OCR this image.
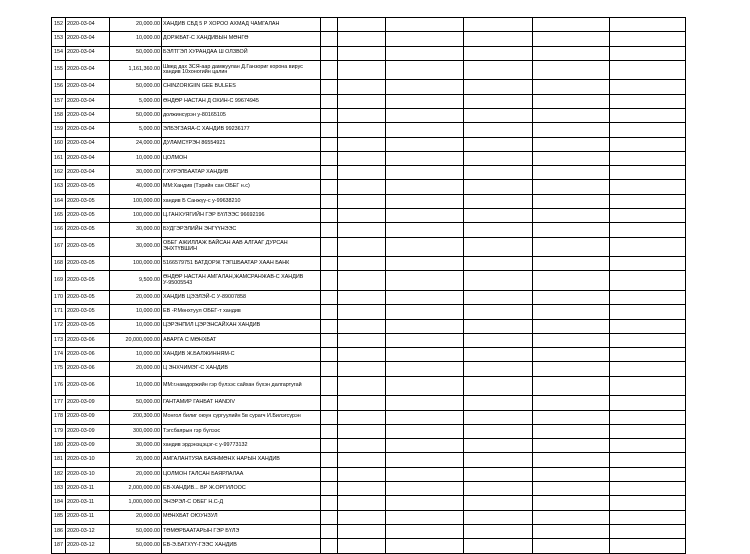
152	2020-03-04	20,000.00	ХАНДИВ СБД 5 Р ХОРОО АХМАД ЧАМГАЛАН						
153	2020-03-04	10,000.00	ДОРЖБАТ-С ХАНДИВЫН МӨНГӨ						
154	2020-03-04	50,000.00	БЭЛТГЭЛ ХУРАНДАА Ш ОЛЗВОЙ						
155	2020-03-04	1,161,360.00	Швед дах ЗСЯ-аар дамжуулан Д.Ганзориг корона вирус хандив 10хоногийн цалин						
156	2020-03-04	50,000.00	CHINZORIGIIN GEE BULEES						
157	2020-03-04	5,000.00	ӨНДӨР НАСТАН Д ОХИН-С 99674945						
158	2020-03-04	50,000.00	должинсүрэн у-80165105						
159	2020-03-04	5,000.00	ЭЛБЭГЗАЯА-С ХАНДИВ 99236177						
160	2020-03-04	24,000.00	ДУЛАМСҮРЭН 86554921						
161	2020-03-04	10,000.00	ЦОЛМОН						
162	2020-03-04	30,000.00	Г.ХҮРЭЛБААТАР ХАНДИВ						
163	2020-03-05	40,000.00	ММ:Хандив (Тэрийн сан ОБЕГ н.с)						
164	2020-03-05	100,000.00	хандив Б Санжүү-с у-99638210						
165	2020-03-05	100,000.00	Ц.ГАНХУЯГИЙН ГЭР БҮЛЭЭС 96692196						
166	2020-03-05	30,000.00	БУДГЭРЭЛИЙН ЭНГҮҮНЭЭС						
167	2020-03-05	30,000.00	ОБЕГ АЖИЛЛАЖ БАЙСАН ААВ АЛГААГ ДУРСАН ЭНХТҮВШИН						
168	2020-03-05	100,000.00	5166579751 БАТДОРЖ ТЭГШБААТАР ХААН БАНК						
169	2020-03-05	9,500.00	ӨНДӨР НАСТАН АМГАЛАН,ЖАМСРАНЖАВ-С ХАНДИВ У-95005543						
170	2020-03-05	20,000.00	ХАНДИВ ЦЭЭЛЭЙ-С У-89007858						
171	2020-03-05	10,000.00	ЕВ -Р.Мөнхтуул ОБЕГ-т хандив						
172	2020-03-05	10,000.00	ЦЭРЭНПИЛ ЦЭРЭНСАЙХАН ХАНДИВ						
173	2020-03-06	20,000,000.00	АВАРГА С МӨНХБАТ						
174	2020-03-06	10,000.00	ХАНДИВ Ж.БАЛЖИННЯМ-С						
175	2020-03-06	20,000.00	Ц ЭНХЧИМЭГ-С ХАНДИВ						
176	2020-03-06	10,000.00	ММ:г.намдоржийн гэр бүлээс сайхан бүхэн далгартугай						
177	2020-03-09	50,000.00	ГАНТАМИР ГАНБАТ HANDIV						
178	2020-03-09	200,300.00	Монгол билиг оюун сургуулийн 5в сурагч И.Билэгсүрэн						
179	2020-03-09	300,000.00	Тэгсбаярын гэр бүлээс						
180	2020-03-09	30,000.00	хандив эрдэнэцэцэг-с у-99773132						
181	2020-03-10	20,000.00	АМГАЛАНТУЯА БАЯНМӨНХ НАРЫН ХАНДИВ						
182	2020-03-10	20,000.00	ЦОЛМОН ГАЛСАН БАЯРЛАЛАА						
183	2020-03-11	2,000,000.00	ЕВ-ХАНДИВ... ВР Ж.ОРГИЛООС						
184	2020-03-11	1,000,000.00	ЭНЭРЭЛ-С ОБЕГ Н.С-Д						
185	2020-03-11	20,000.00	МӨНХБАТ ОЮУНЗУЛ						
186	2020-03-12	50,000.00	ТӨМӨРБААТАРЫН ГЭР БҮЛЭ						
187	2020-03-12	50,000.00	ЕВ-Э.БАТХҮҮ-ГЭЭС ХАНДИВ						
